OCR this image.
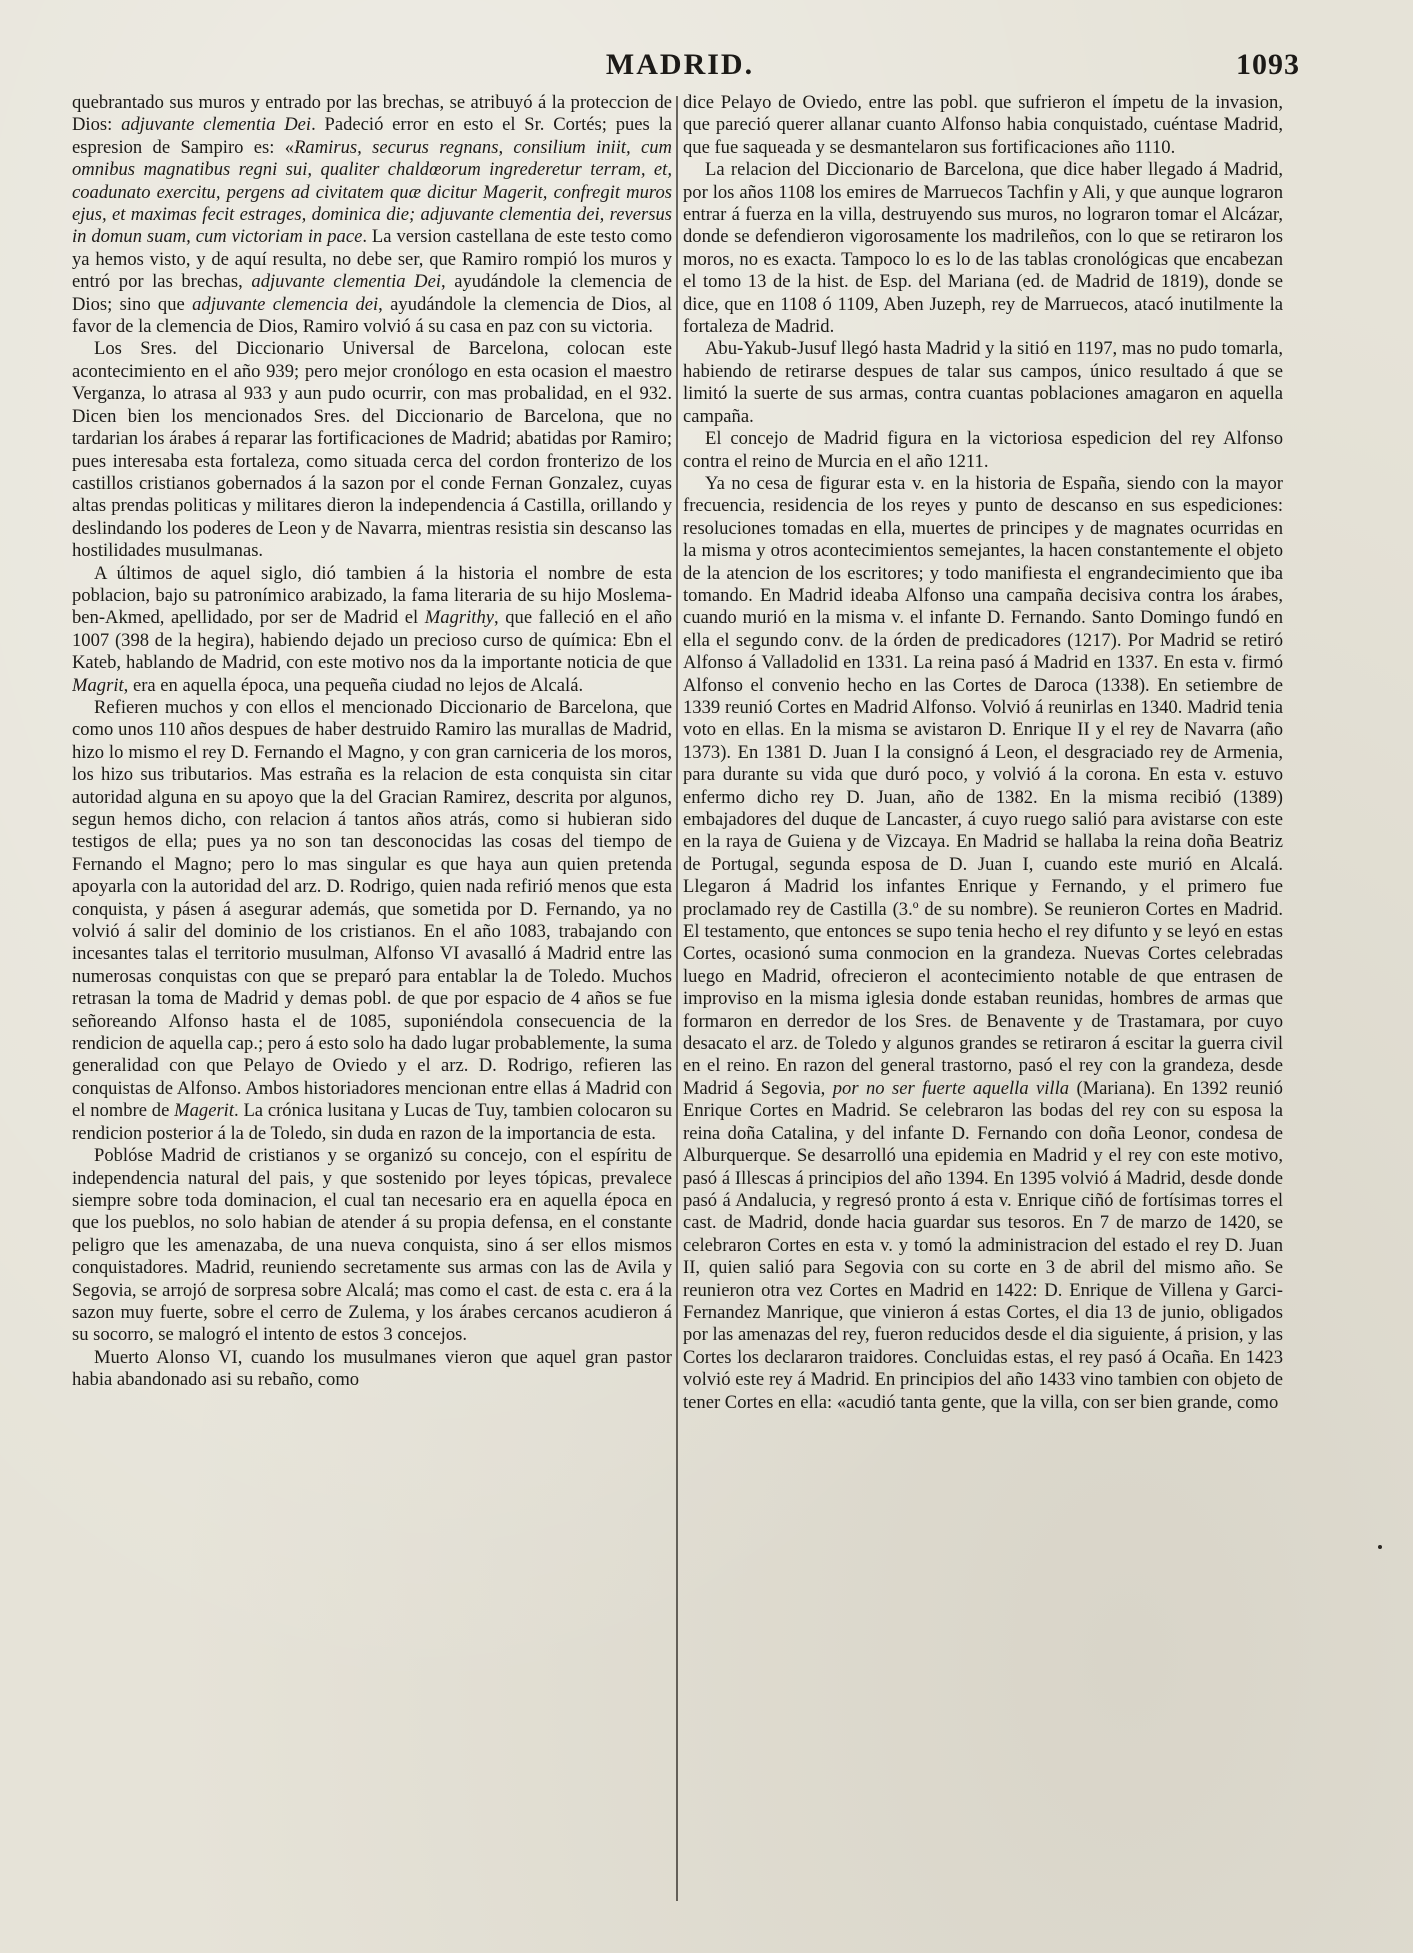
MADRID.	1093

quebrantado sus muros y entrado por las brechas, se atribuyó á la proteccion de Dios: adjuvante clementia Dei. Padeció error en esto el Sr. Cortés; pues la espresion de Sampiro es: «Ramirus, securus regnans, consilium iniit, cum omnibus magnatibus regni sui, qualiter chaldœorum ingrederetur terram, et, coadunato exercitu, pergens ad civitatem quæ dicitur Magerit, confregit muros ejus, et maximas fecit estrages, dominica die; adjuvante clementia dei, reversus in domun suam, cum victoriam in pace. La version castellana de este testo como ya hemos visto, y de aquí resulta, no debe ser, que Ramiro rompió los muros y entró por las brechas, adjuvante clementia Dei, ayudándole la clemencia de Dios; sino que adjuvante clemencia dei, ayudándole la clemencia de Dios, al favor de la clemencia de Dios, Ramiro volvió á su casa en paz con su victoria.

Los Sres. del Diccionario Universal de Barcelona, colocan este acontecimiento en el año 939; pero mejor cronólogo en esta ocasion el maestro Verganza, lo atrasa al 933 y aun pudo ocurrir, con mas probalidad, en el 932. Dicen bien los mencionados Sres. del Diccionario de Barcelona, que no tardarian los árabes á reparar las fortificaciones de Madrid; abatidas por Ramiro; pues interesaba esta fortaleza, como situada cerca del cordon fronterizo de los castillos cristianos gobernados á la sazon por el conde Fernan Gonzalez, cuyas altas prendas politicas y militares dieron la independencia á Castilla, orillando y deslindando los poderes de Leon y de Navarra, mientras resistia sin descanso las hostilidades musulmanas.

A últimos de aquel siglo, dió tambien á la historia el nombre de esta poblacion, bajo su patronímico arabizado, la fama literaria de su hijo Moslema-ben-Akmed, apellidado, por ser de Madrid el Magrithy, que falleció en el año 1007 (398 de la hegira), habiendo dejado un precioso curso de química: Ebn el Kateb, hablando de Madrid, con este motivo nos da la importante noticia de que Magrit, era en aquella época, una pequeña ciudad no lejos de Alcalá.

Refieren muchos y con ellos el mencionado Diccionario de Barcelona, que como unos 110 años despues de haber destruido Ramiro las murallas de Madrid, hizo lo mismo el rey D. Fernando el Magno, y con gran carniceria de los moros, los hizo sus tributarios. Mas estraña es la relacion de esta conquista sin citar autoridad alguna en su apoyo que la del Gracian Ramirez, descrita por algunos, segun hemos dicho, con relacion á tantos años atrás, como si hubieran sido testigos de ella; pues ya no son tan desconocidas las cosas del tiempo de Fernando el Magno; pero lo mas singular es que haya aun quien pretenda apoyarla con la autoridad del arz. D. Rodrigo, quien nada refirió menos que esta conquista, y pásen á asegurar además, que sometida por D. Fernando, ya no volvió á salir del dominio de los cristianos. En el año 1083, trabajando con incesantes talas el territorio musulman, Alfonso VI avasalló á Madrid entre las numerosas conquistas con que se preparó para entablar la de Toledo. Muchos retrasan la toma de Madrid y demas pobl. de que por espacio de 4 años se fue señoreando Alfonso hasta el de 1085, suponiéndola consecuencia de la rendicion de aquella cap.; pero á esto solo ha dado lugar probablemente, la suma generalidad con que Pelayo de Oviedo y el arz. D. Rodrigo, refieren las conquistas de Alfonso. Ambos historiadores mencionan entre ellas á Madrid con el nombre de Magerit. La crónica lusitana y Lucas de Tuy, tambien colocaron su rendicion posterior á la de Toledo, sin duda en razon de la importancia de esta.

Poblóse Madrid de cristianos y se organizó su concejo, con el espíritu de independencia natural del pais, y que sostenido por leyes tópicas, prevalece siempre sobre toda dominacion, el cual tan necesario era en aquella época en que los pueblos, no solo habian de atender á su propia defensa, en el constante peligro que les amenazaba, de una nueva conquista, sino á ser ellos mismos conquistadores. Madrid, reuniendo secretamente sus armas con las de Avila y Segovia, se arrojó de sorpresa sobre Alcalá; mas como el cast. de esta c. era á la sazon muy fuerte, sobre el cerro de Zulema, y los árabes cercanos acudieron á su socorro, se malogró el intento de estos 3 concejos.

Muerto Alonso VI, cuando los musulmanes vieron que aquel gran pastor habia abandonado asi su rebaño, como

dice Pelayo de Oviedo, entre las pobl. que sufrieron el ímpetu de la invasion, que pareció querer allanar cuanto Alfonso habia conquistado, cuéntase Madrid, que fue saqueada y se desmantelaron sus fortificaciones año 1110.

La relacion del Diccionario de Barcelona, que dice haber llegado á Madrid, por los años 1108 los emires de Marruecos Tachfin y Ali, y que aunque lograron entrar á fuerza en la villa, destruyendo sus muros, no lograron tomar el Alcázar, donde se defendieron vigorosamente los madrileños, con lo que se retiraron los moros, no es exacta. Tampoco lo es lo de las tablas cronológicas que encabezan el tomo 13 de la hist. de Esp. del Mariana (ed. de Madrid de 1819), donde se dice, que en 1108 ó 1109, Aben Juzeph, rey de Marruecos, atacó inutilmente la fortaleza de Madrid.

Abu-Yakub-Jusuf llegó hasta Madrid y la sitió en 1197, mas no pudo tomarla, habiendo de retirarse despues de talar sus campos, único resultado á que se limitó la suerte de sus armas, contra cuantas poblaciones amagaron en aquella campaña.

El concejo de Madrid figura en la victoriosa espedicion del rey Alfonso contra el reino de Murcia en el año 1211.

Ya no cesa de figurar esta v. en la historia de España, siendo con la mayor frecuencia, residencia de los reyes y punto de descanso en sus espediciones: resoluciones tomadas en ella, muertes de principes y de magnates ocurridas en la misma y otros acontecimientos semejantes, la hacen constantemente el objeto de la atencion de los escritores; y todo manifiesta el engrandecimiento que iba tomando. En Madrid ideaba Alfonso una campaña decisiva contra los árabes, cuando murió en la misma v. el infante D. Fernando. Santo Domingo fundó en ella el segundo conv. de la órden de predicadores (1217). Por Madrid se retiró Alfonso á Valladolid en 1331. La reina pasó á Madrid en 1337. En esta v. firmó Alfonso el convenio hecho en las Cortes de Daroca (1338). En setiembre de 1339 reunió Cortes en Madrid Alfonso. Volvió á reunirlas en 1340. Madrid tenia voto en ellas. En la misma se avistaron D. Enrique II y el rey de Navarra (año 1373). En 1381 D. Juan I la consignó á Leon, el desgraciado rey de Armenia, para durante su vida que duró poco, y volvió á la corona. En esta v. estuvo enfermo dicho rey D. Juan, año de 1382. En la misma recibió (1389) embajadores del duque de Lancaster, á cuyo ruego salió para avistarse con este en la raya de Guiena y de Vizcaya. En Madrid se hallaba la reina doña Beatriz de Portugal, segunda esposa de D. Juan I, cuando este murió en Alcalá. Llegaron á Madrid los infantes Enrique y Fernando, y el primero fue proclamado rey de Castilla (3.º de su nombre). Se reunieron Cortes en Madrid. El testamento, que entonces se supo tenia hecho el rey difunto y se leyó en estas Cortes, ocasionó suma conmocion en la grandeza. Nuevas Cortes celebradas luego en Madrid, ofrecieron el acontecimiento notable de que entrasen de improviso en la misma iglesia donde estaban reunidas, hombres de armas que formaron en derredor de los Sres. de Benavente y de Trastamara, por cuyo desacato el arz. de Toledo y algunos grandes se retiraron á escitar la guerra civil en el reino. En razon del general trastorno, pasó el rey con la grandeza, desde Madrid á Segovia, por no ser fuerte aquella villa (Mariana). En 1392 reunió Enrique Cortes en Madrid. Se celebraron las bodas del rey con su esposa la reina doña Catalina, y del infante D. Fernando con doña Leonor, condesa de Alburquerque. Se desarrolló una epidemia en Madrid y el rey con este motivo, pasó á Illescas á principios del año 1394. En 1395 volvió á Madrid, desde donde pasó á Andalucia, y regresó pronto á esta v. Enrique ciñó de fortísimas torres el cast. de Madrid, donde hacia guardar sus tesoros. En 7 de marzo de 1420, se celebraron Cortes en esta v. y tomó la administracion del estado el rey D. Juan II, quien salió para Segovia con su corte en 3 de abril del mismo año. Se reunieron otra vez Cortes en Madrid en 1422: D. Enrique de Villena y Garci-Fernandez Manrique, que vinieron á estas Cortes, el dia 13 de junio, obligados por las amenazas del rey, fueron reducidos desde el dia siguiente, á prision, y las Cortes los declararon traidores. Concluidas estas, el rey pasó á Ocaña. En 1423 volvió este rey á Madrid. En principios del año 1433 vino tambien con objeto de tener Cortes en ella: «acudió tanta gente, que la villa, con ser bien grande, como
